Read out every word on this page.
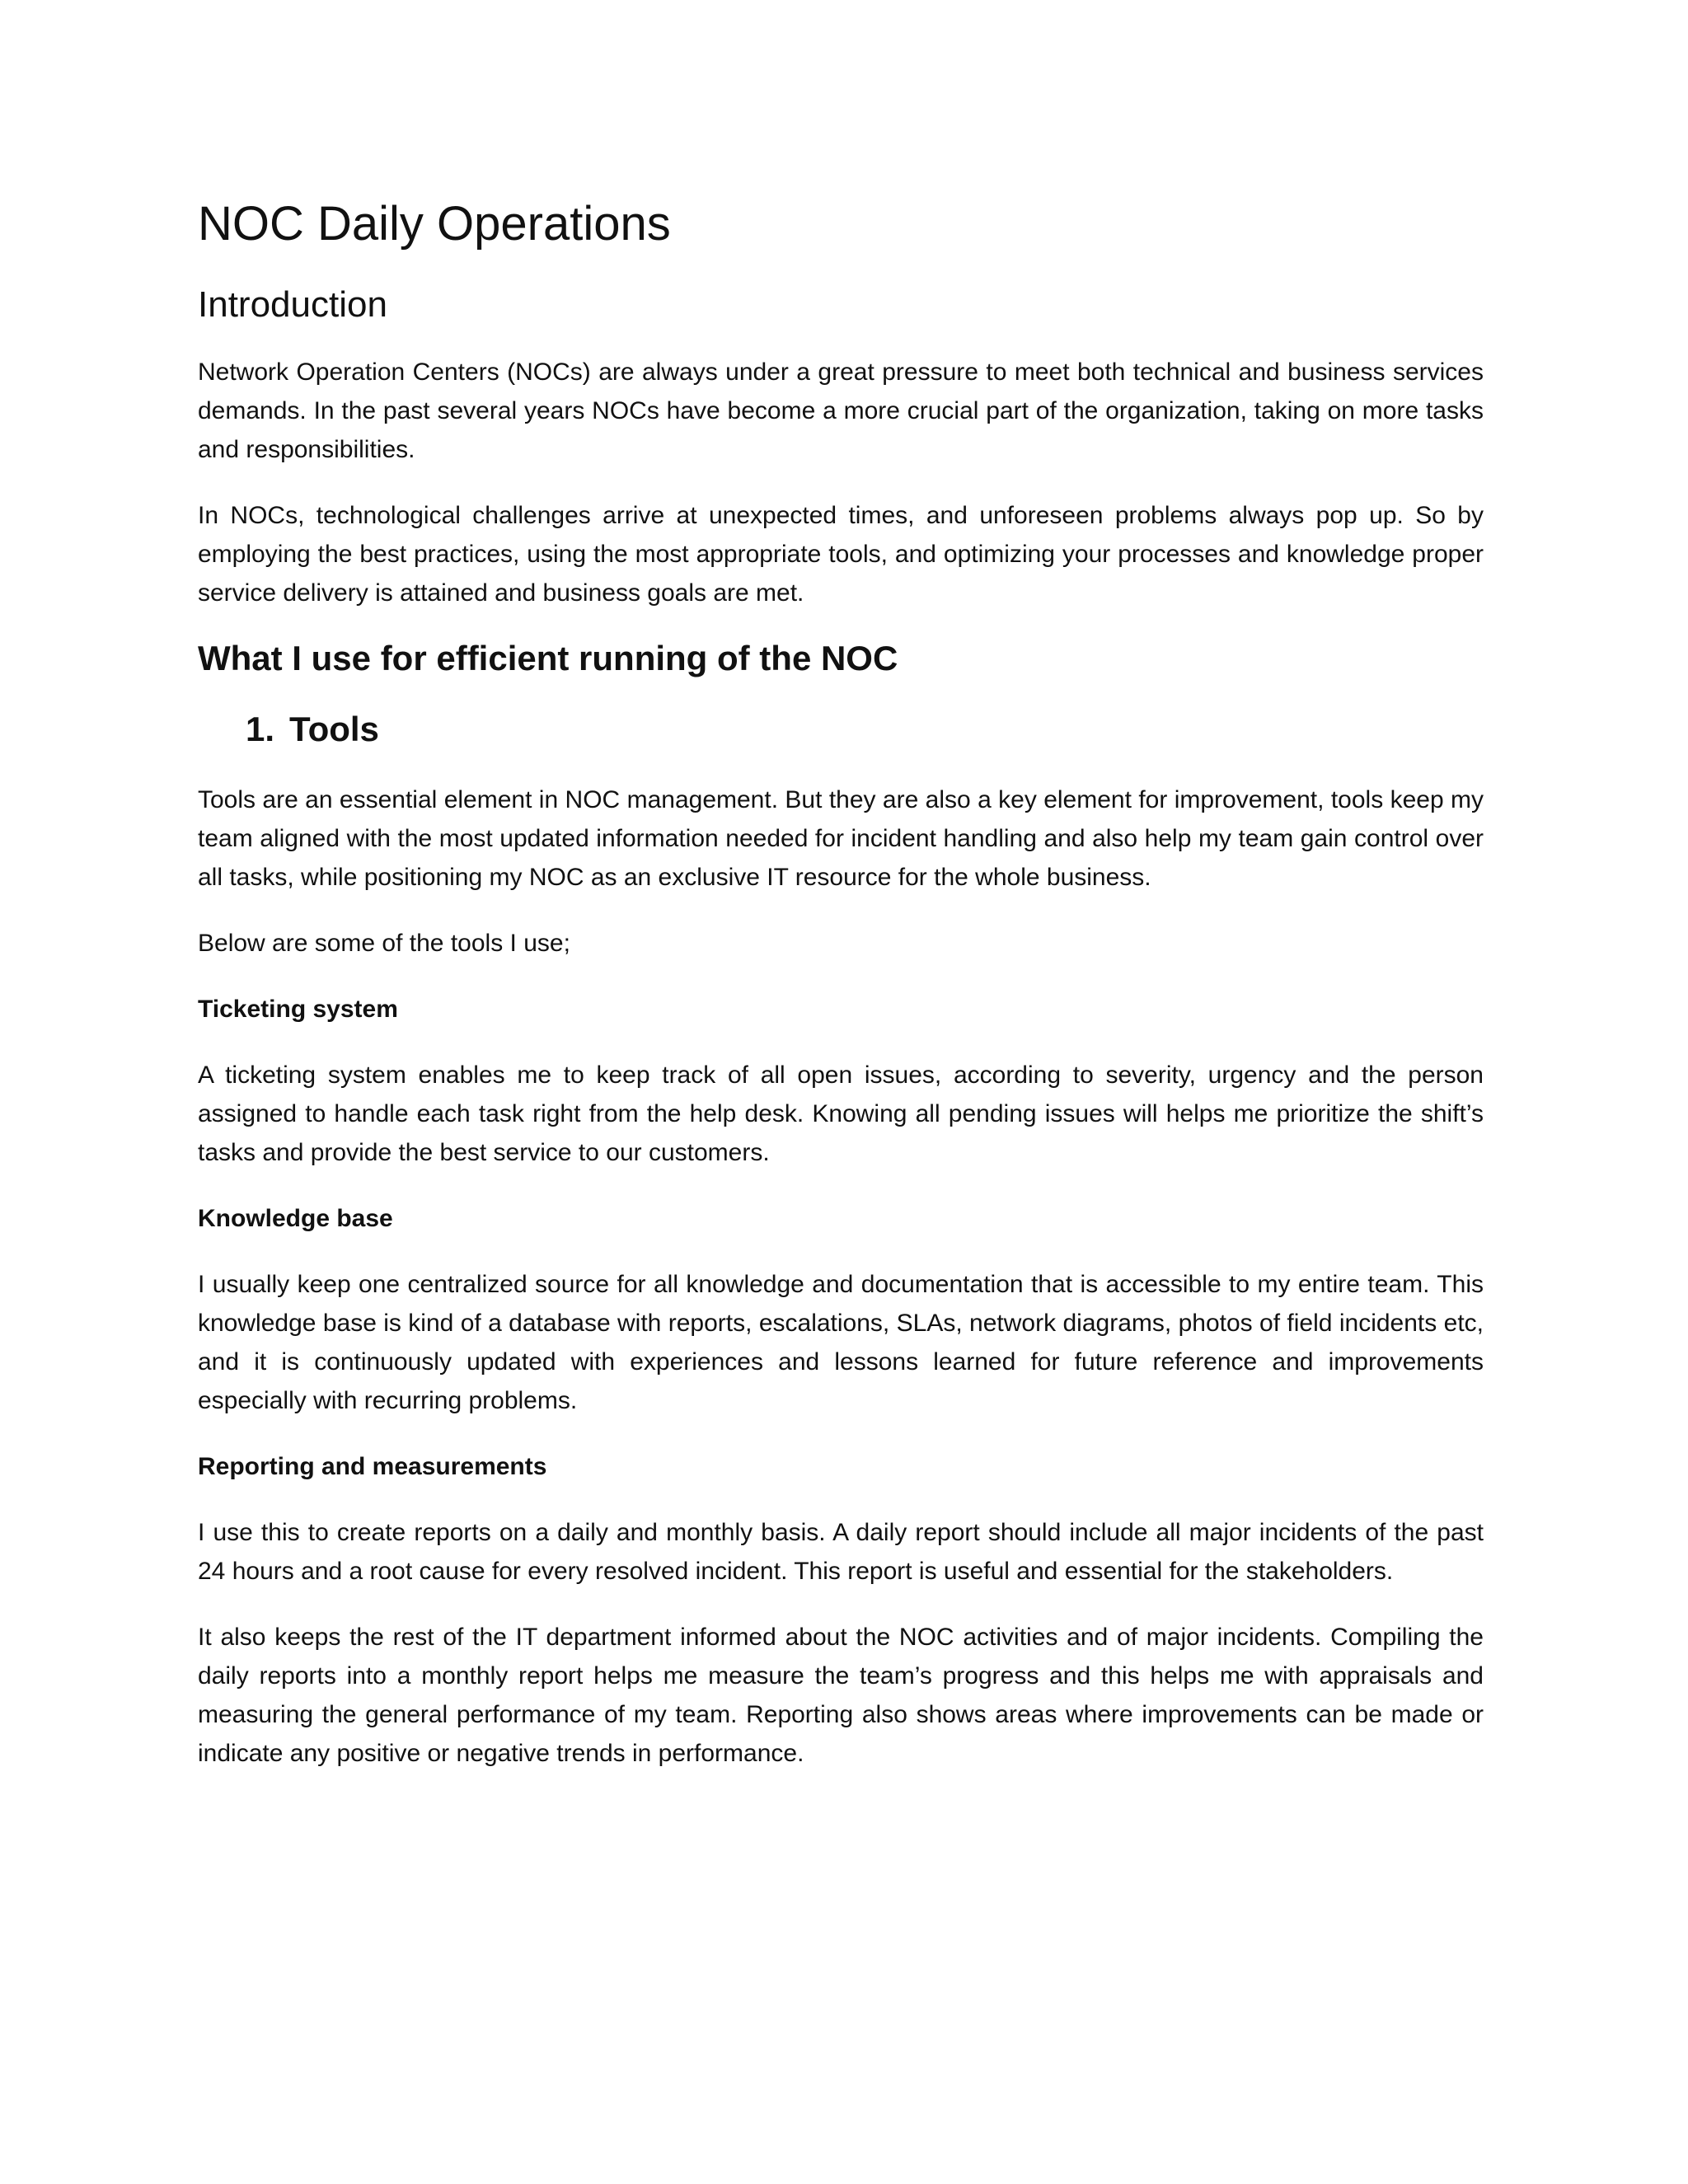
NOC Daily Operations
Introduction

Network Operation Centers (NOCs) are always under a great pressure to meet both technical and business services demands. In the past several years NOCs have become a more crucial part of the organization, taking on more tasks and responsibilities.

In NOCs, technological challenges arrive at unexpected times, and unforeseen problems always pop up. So by employing the best practices, using the most appropriate tools, and optimizing your processes and knowledge proper service delivery is attained and business goals are met.

What I use for efficient running of the NOC
1. Tools

Tools are an essential element in NOC management. But they are also a key element for improvement, tools keep my team aligned with the most updated information needed for incident handling and also help my team gain control over all tasks, while positioning my NOC as an exclusive IT resource for the whole business.

Below are some of the tools I use;

Ticketing system

A ticketing system enables me to keep track of all open issues, according to severity, urgency and the person assigned to handle each task right from the help desk. Knowing all pending issues will helps me prioritize the shift’s tasks and provide the best service to our customers.

Knowledge base

I usually keep one centralized source for all knowledge and documentation that is accessible to my entire team. This knowledge base is kind of a database with reports, escalations, SLAs, network diagrams, photos of field incidents etc, and it is continuously updated with experiences and lessons learned for future reference and improvements especially with recurring problems.

Reporting and measurements

I use this to create reports on a daily and monthly basis. A daily report should include all major incidents of the past 24 hours and a root cause for every resolved incident. This report is useful and essential for the stakeholders.

It also keeps the rest of the IT department informed about the NOC activities and of major incidents. Compiling the daily reports into a monthly report helps me measure the team’s progress and this helps me with appraisals and measuring the general performance of my team. Reporting also shows areas where improvements can be made or indicate any positive or negative trends in performance.
